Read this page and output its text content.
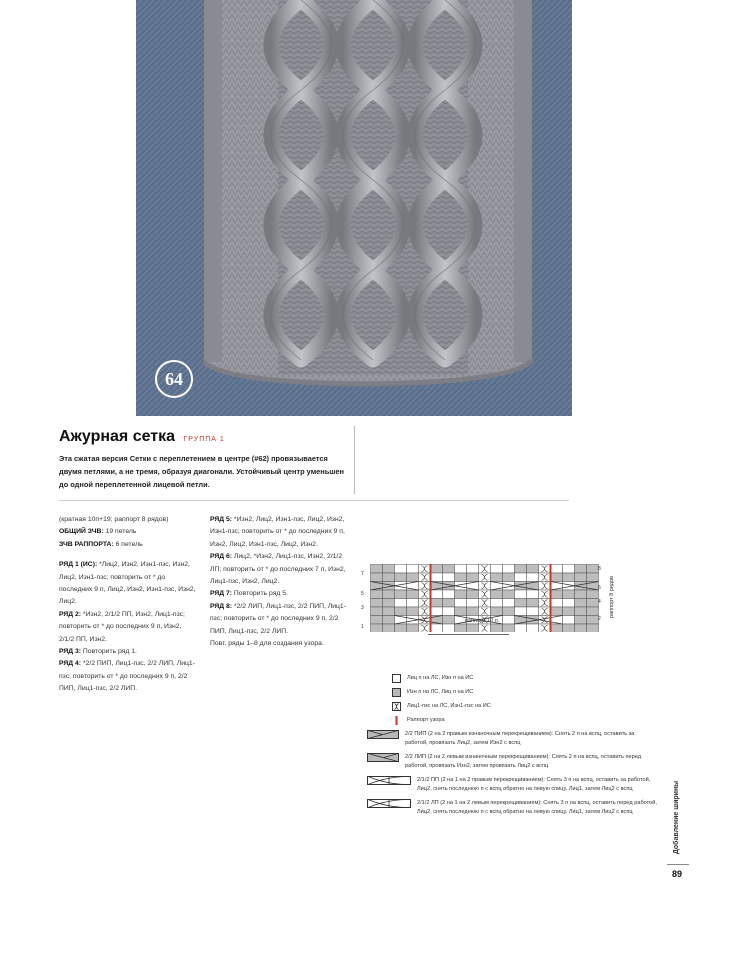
64
Ажурная сетка ГРУППА 1
Эта сжатая версия Сетки с переплетением в центре (#62) провязывается двумя петлями, а не тремя, образуя диагонали. Устойчивый центр уменьшен до одной переплетенной лицевой петли.

(кратная 10п+19; раппорт 8 рядов)

ОБЩИЙ ЗЧВ: 19 петель

ЗЧВ РАППОРТА: 6 петель

РЯД 1 (ИС): *Лиц2, Изн2, Изн1-пзс, Изн2, Лиц2, Изн1-пзс; повторить от * до последних 9 п, Лиц2, Изн2, Изн1-пзс, Изн2, Лиц2.

РЯД 2: *Изн2, 2/1/2 ПП, Изн2, Лиц1-пзс; повторить от * до последних 9 п, Изн2, 2/1/2 ПП, Изн2.

РЯД 3: Повторить ряд 1.

РЯД 4: *2/2 ПИП, Лиц1-пзс, 2/2 ЛИП, Лиц1-пзс; повторить от * до последних 9 п, 2/2 ПИП, Лиц1-пзс, 2/2 ЛИП.

РЯД 5: *Изн2, Лиц2, Изн1-пзс, Лиц2, Изн2, Изн1-пзс; повторить от * до последних 9 п, Изн2, Лиц2, Изн1-пзс, Лиц2, Изн2.

РЯД 6: Лиц2, *Изн2, Лиц1-пзс, Изн2, 2/1/2 ЛП; повторить от * до последних 7 п, Изн2, Лиц1-пзс, Изн2, Лиц2.

РЯД 7: Повторить ряд 5.

РЯД 8: *2/2 ЛИП, Лиц1-пзс, 2/2 ПИП, Лиц1-пзс; повторить от * до последних 9 п, 2/2 ПИП, Лиц1-пзс, 2/2 ЛИП.

Повт. ряды 1–8 для создания узора.

7
5
3
1
8
6
4
2
раппорт 10 п.
раппорт 8 рядов
Лиц п на ЛС, Изн п на ИС
Изн п на ЛС, Лиц п на ИС
Лиц1-пзс на ЛС, Изн1-пзс на ИС
Раппорт узора
2/2 ПИП (2 на 2 правым изнаночным перекрещиванием): Снять 2 п на вспц, оставить за работой, провязать Лиц2, затем Изн2 с вспц
2/2 ЛИП (2 на 2 левым изнаночным перекрещиванием): Снять 2 п на вспц, оставить перед работой, провязать Изн2, затем провязать Лиц2 с вспц
2/1/2 ПП (2 на 1 на 2 правым перекрещиванием): Снять 3 п на вспц, оставить за работой, Лиц2, снять последнюю п с вспц обратно на левую спицу, Лиц1, затем Лиц2 с вспц
2/1/2 ЛП (2 на 1 на 2 левым перекрещиванием): Снять 3 п на вспц, оставить перед работой, Лиц2, снять последнюю п с вспц обратно на левую спицу, Лиц1, затем Лиц2 с вспц	Добавление ширины
89
